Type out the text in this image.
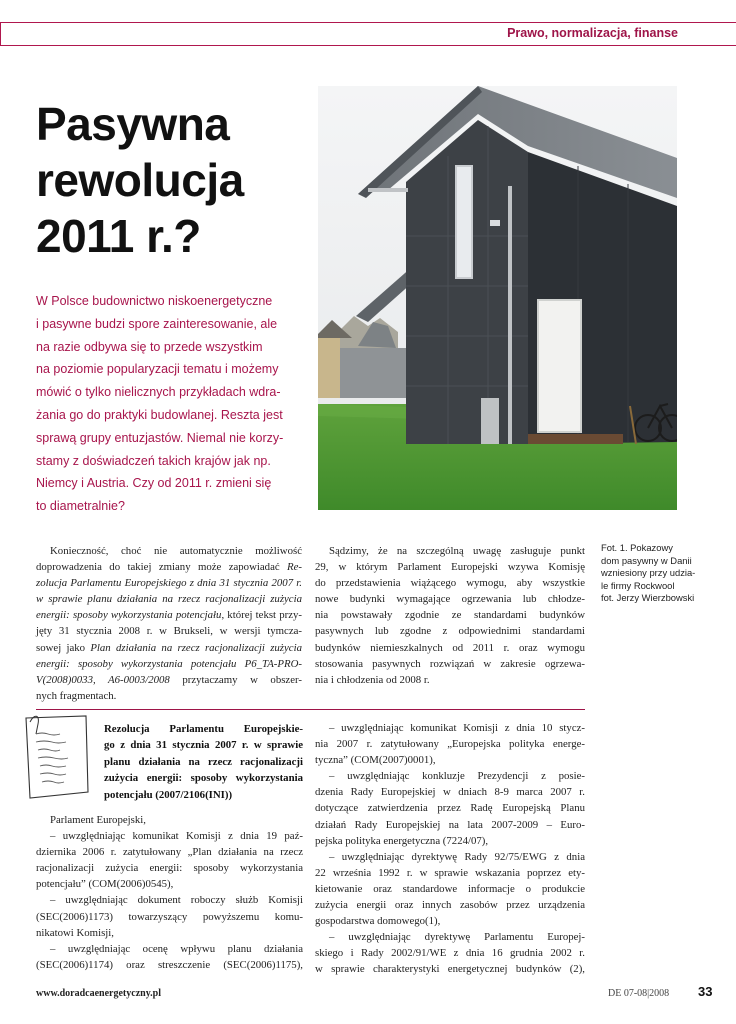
Prawo, normalizacja, finanse
Pasywna
rewolucja
2011 r.?
W Polsce budownictwo niskoenergetyczne
i pasywne budzi spore zainteresowanie, ale
na razie odbywa się to przede wszystkim
na poziomie popularyzacji tematu i możemy
mówić o tylko nielicznych przykładach wdra-
żania go do praktyki budowlanej. Reszta jest
sprawą grupy entuzjastów. Niemal nie korzy-
stamy z doświadczeń takich krajów jak np.
Niemcy i Austria. Czy od 2011 r. zmieni się
to diametralnie?
Fot. 1. Pokazowy
dom pasywny w Danii
wzniesiony przy udzia-
le firmy Rockwool
fot. Jerzy Wierzbowski
Konieczność, choć nie automatycznie możliwość
doprowadzenia do takiej zmiany może zapowiadać Re-
zolucja Parlamentu Europejskiego z dnia 31 stycznia 2007 r.
w sprawie planu działania na rzecz racjonalizacji zużycia
energii: sposoby wykorzystania potencjału, której tekst przy-
jęty 31 stycznia 2008 r. w Brukseli, w wersji tymcza-
sowej jako Plan działania na rzecz racjonalizacji zużycia
energii: sposoby wykorzystania potencjału P6_TA-PRO-
V(2008)0033, A6-0003/2008 przytaczamy w obszer-
nych fragmentach.
Sądzimy, że na szczególną uwagę zasługuje punkt
29, w którym Parlament Europejski wzywa Komisję
do przedstawienia wiążącego wymogu, aby wszystkie
nowe budynki wymagające ogrzewania lub chłodze-
nia powstawały zgodnie ze standardami budynków
pasywnych lub zgodne z odpowiednimi standardami
budynków niemieszkalnych od 2011 r. oraz wymogu
stosowania pasywnych rozwiązań w zakresie ogrzewa-
nia i chłodzenia od 2008 r.
Rezolucja Parlamentu Europejskie-
go z dnia 31 stycznia 2007 r. w sprawie
planu działania na rzecz racjonalizacji
zużycia energii: sposoby wykorzystania
potencjału (2007/2106(INI))
Parlament Europejski,
– uwzględniając komunikat Komisji z dnia 19 paź-
dziernika 2006 r. zatytułowany „Plan działania na rzecz
racjonalizacji zużycia energii: sposoby wykorzystania
potencjału” (COM(2006)0545),
– uwzględniając dokument roboczy służb Komisji
(SEC(2006)1173) towarzyszący powyższemu komu-
nikatowi Komisji,
– uwzględniając ocenę wpływu planu działania
(SEC(2006)1174) oraz streszczenie (SEC(2006)1175),
– uwzględniając komunikat Komisji z dnia 10 stycz-
nia 2007 r. zatytułowany „Europejska polityka energe-
tyczna” (COM(2007)0001),
– uwzględniając konkluzje Prezydencji z posie-
dzenia Rady Europejskiej w dniach 8-9 marca 2007 r.
dotyczące zatwierdzenia przez Radę Europejską Planu
działań Rady Europejskiej na lata 2007-2009 – Euro-
pejska polityka energetyczna (7224/07),
– uwzględniając dyrektywę Rady 92/75/EWG z dnia
22 września 1992 r. w sprawie wskazania poprzez ety-
kietowanie oraz standardowe informacje o produkcie
zużycia energii oraz innych zasobów przez urządzenia
gospodarstwa domowego(1),
– uwzględniając dyrektywę Parlamentu Europej-
skiego i Rady 2002/91/WE z dnia 16 grudnia 2002 r.
w sprawie charakterystyki energetycznej budynków (2),
www.doradcaenergetyczny.pl	DE 07-08|2008 33
